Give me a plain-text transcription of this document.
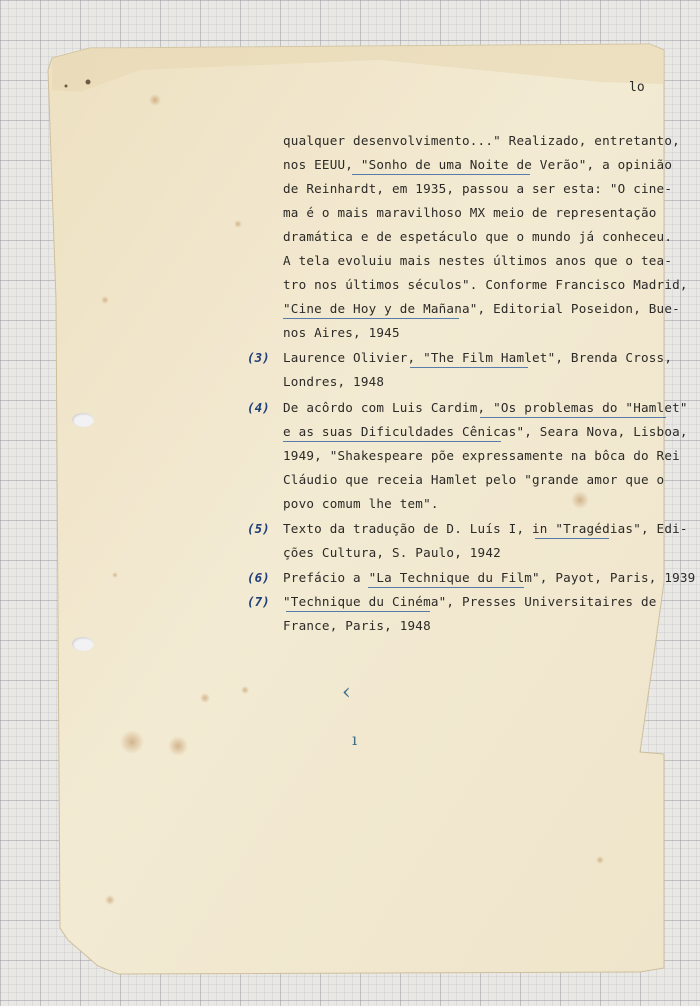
lo
qualquer desenvolvimento..." Realizado, entretanto,
nos EEUU, "Sonho de uma Noite de Verão", a opinião
de Reinhardt, em 1935, passou a ser esta: "O cine-
ma é o mais maravilhoso MX meio de representação
dramática e de espetáculo que o mundo já conheceu.
A tela evoluiu mais nestes últimos anos que o tea-
tro nos últimos séculos". Conforme Francisco Madrid,
"Cine de Hoy y de Mañana", Editorial Poseidon, Bue-
nos Aires, 1945
(3) Laurence Olivier, "The Film Hamlet", Brenda Cross,
Londres, 1948
(4) De acôrdo com Luis Cardim, "Os problemas do "Hamlet"
e as suas Dificuldades Cênicas", Seara Nova, Lisboa,
1949, "Shakespeare põe expressamente na bôca do Rei
Cláudio que receia Hamlet pelo "grande amor que o
povo comum lhe tem".
(5) Texto da tradução de D. Luís I, in "Tragédias", Edi-
ções Cultura, S. Paulo, 1942
(6) Prefácio a "La Technique du Film", Payot, Paris, 1939
(7) "Technique du Cinéma", Presses Universitaires de
France, Paris, 1948
‹
ı
